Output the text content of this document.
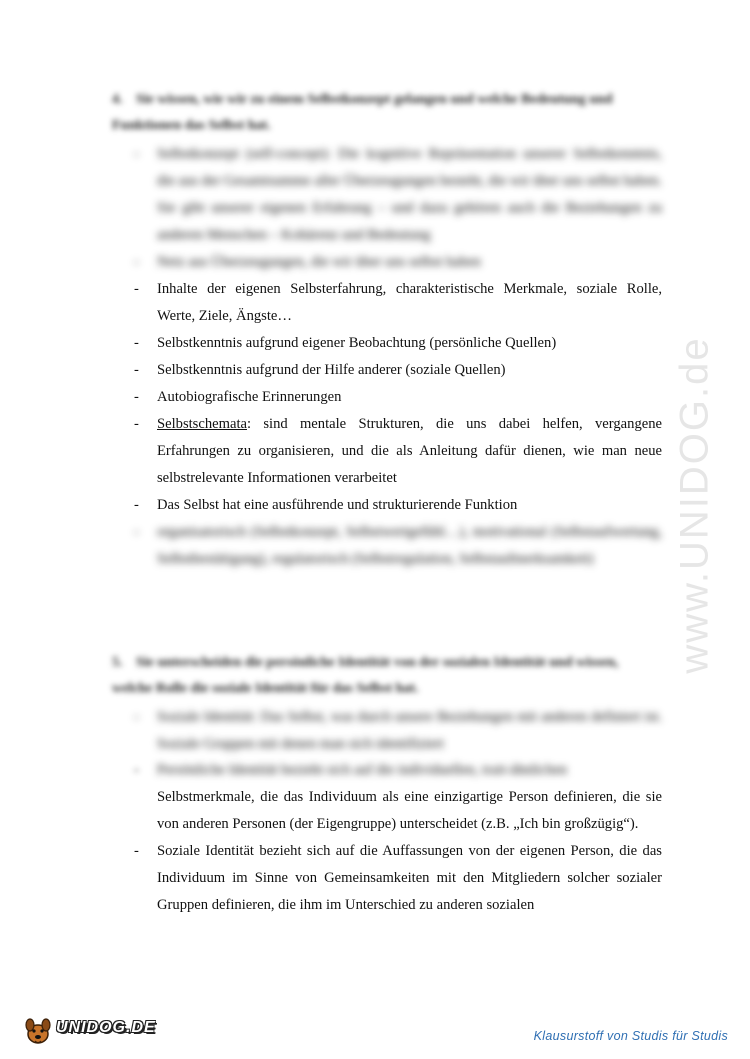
www.UNIDOG.de
4. Sie wissen, wie wir zu einem Selbstkonzept gelangen und welche Bedeutung und Funktionen das Selbst hat.
- Selbstkonzept (self-concept): Die kognitive Repräsentation unserer Selbstkenntnis, die aus der Gesamtsumme aller Überzeugungen besteht, die wir über uns selbst haben. Sie gibt unserer eigenen Erfahrung – und dazu gehören auch die Beziehungen zu anderen Menschen – Kohärenz und Bedeutung
- Netz aus Überzeugungen, die wir über uns selbst haben
- Inhalte der eigenen Selbsterfahrung, charakteristische Merkmale, soziale Rolle, Werte, Ziele, Ängste…
- Selbstkenntnis aufgrund eigener Beobachtung (persönliche Quellen)
- Selbstkenntnis aufgrund der Hilfe anderer (soziale Quellen)
- Autobiografische Erinnerungen
- Selbstschemata: sind mentale Strukturen, die uns dabei helfen, vergangene Erfahrungen zu organisieren, und die als Anleitung dafür dienen, wie man neue selbstrelevante Informationen verarbeitet
- Das Selbst hat eine ausführende und strukturierende Funktion
- organisatorisch (Selbstkonzept, Selbstwertgefühl…), motivational (Selbstaufwertung, Selbstbestätigung), regulatorisch (Selbstregulation, Selbstaufmerksamkeit)
5. Sie unterscheiden die persönliche Identität von der sozialen Identität und wissen, welche Rolle die soziale Identität für das Selbst hat.
- Soziale Identität: Das Selbst, was durch unsere Beziehungen mit anderen definiert ist. Soziale Gruppen mit denen man sich identifiziert
- Persönliche Identität bezieht sich auf die individuellen, trait-ähnlichen
Selbstmerkmale, die das Individuum als eine einzigartige Person definieren, die sie von anderen Personen (der Eigengruppe) unterscheidet (z.B. „Ich bin großzügig“).
- Soziale Identität bezieht sich auf die Auffassungen von der eigenen Person, die das Individuum im Sinne von Gemeinsamkeiten mit den Mitgliedern solcher sozialer Gruppen definieren, die ihm im Unterschied zu anderen sozialen
UNIDOG.DE	Klausurstoff von Studis für Studis
